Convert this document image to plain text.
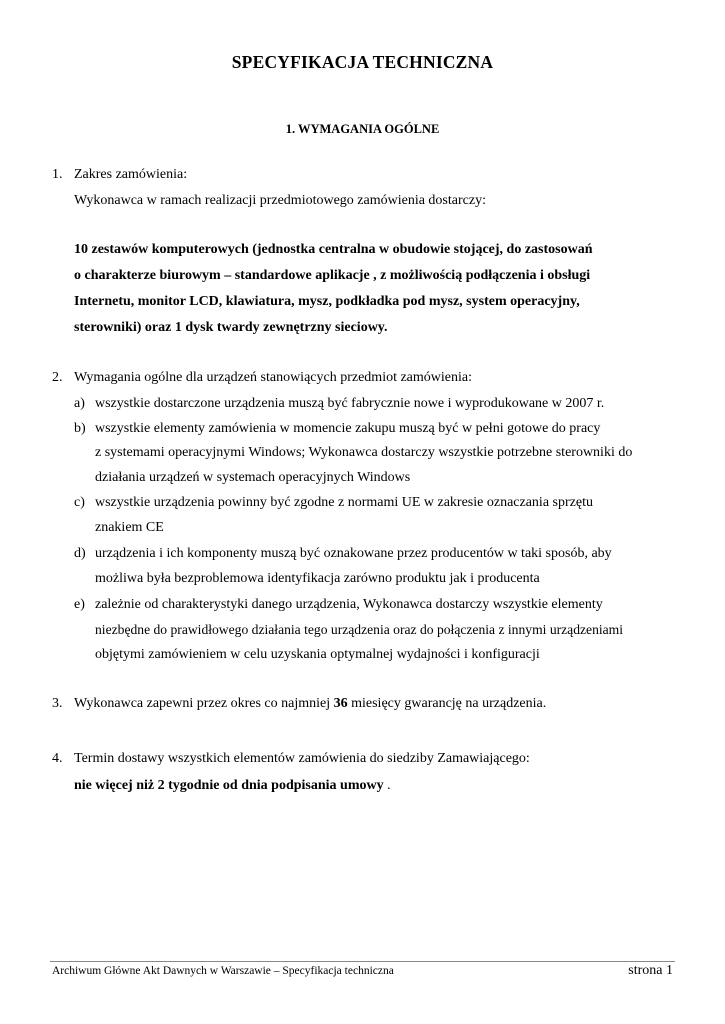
SPECYFIKACJA TECHNICZNA
1. WYMAGANIA OGÓLNE
1. Zakres zamówienia:
Wykonawca w ramach realizacji przedmiotowego zamówienia dostarczy:
10 zestawów komputerowych (jednostka centralna w obudowie stojącej, do zastosowań
o charakterze biurowym – standardowe aplikacje , z możliwością podłączenia i obsługi
Internetu, monitor LCD, klawiatura, mysz, podkładka pod mysz, system operacyjny,
sterowniki) oraz 1 dysk twardy zewnętrzny sieciowy.
2. Wymagania ogólne dla urządzeń stanowiących przedmiot zamówienia:
a) wszystkie dostarczone urządzenia muszą być fabrycznie nowe i wyprodukowane w 2007 r.
b) wszystkie elementy zamówienia w momencie zakupu muszą być w pełni gotowe do pracy
z systemami operacyjnymi Windows; Wykonawca dostarczy wszystkie potrzebne sterowniki do
działania urządzeń w systemach operacyjnych Windows
c) wszystkie urządzenia powinny być zgodne z normami UE w zakresie oznaczania sprzętu
znakiem CE
d) urządzenia i ich komponenty muszą być oznakowane przez producentów w taki sposób, aby
możliwa była bezproblemowa identyfikacja zarówno produktu jak i producenta
e) zależnie od charakterystyki danego urządzenia, Wykonawca dostarczy wszystkie elementy
niezbędne do prawidłowego działania tego urządzenia oraz do połączenia z innymi urządzeniami
objętymi zamówieniem w celu uzyskania optymalnej wydajności i konfiguracji
3. Wykonawca zapewni przez okres co najmniej 36 miesięcy gwarancję na urządzenia.
4. Termin dostawy wszystkich elementów zamówienia do siedziby Zamawiającego:
nie więcej niż 2 tygodnie od dnia podpisania umowy .
Archiwum Główne Akt Dawnych w Warszawie – Specyfikacja techniczna	strona 1
